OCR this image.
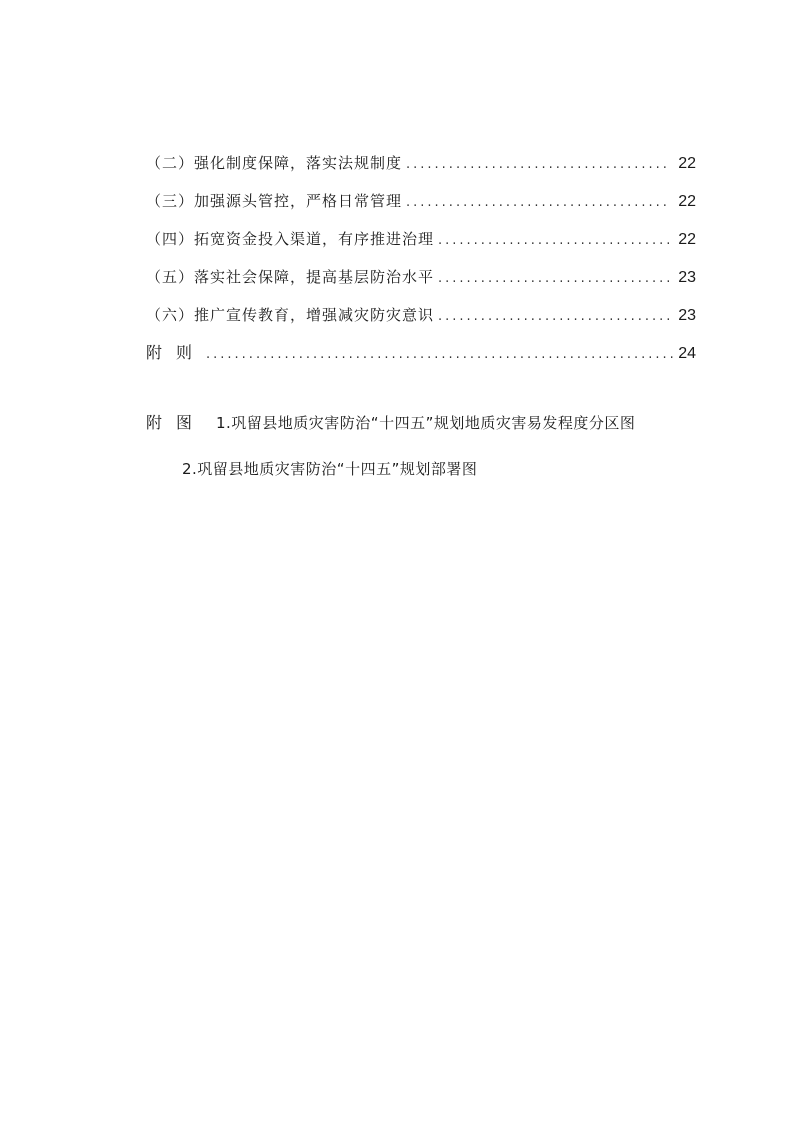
（二）强化制度保障，落实法规制度 .....	22
（三）加强源头管控，严格日常管理 .....	22
（四）拓宽资金投入渠道，有序推进治理 .....	22
（五）落实社会保障，提高基层防治水平 .....	23
（六）推广宣传教育，增强减灾防灾意识 .....	23
附则 .....	24
附图 1.巩留县地质灾害防治“十四五”规划地质灾害易发程度分区图
2.巩留县地质灾害防治“十四五”规划部署图
